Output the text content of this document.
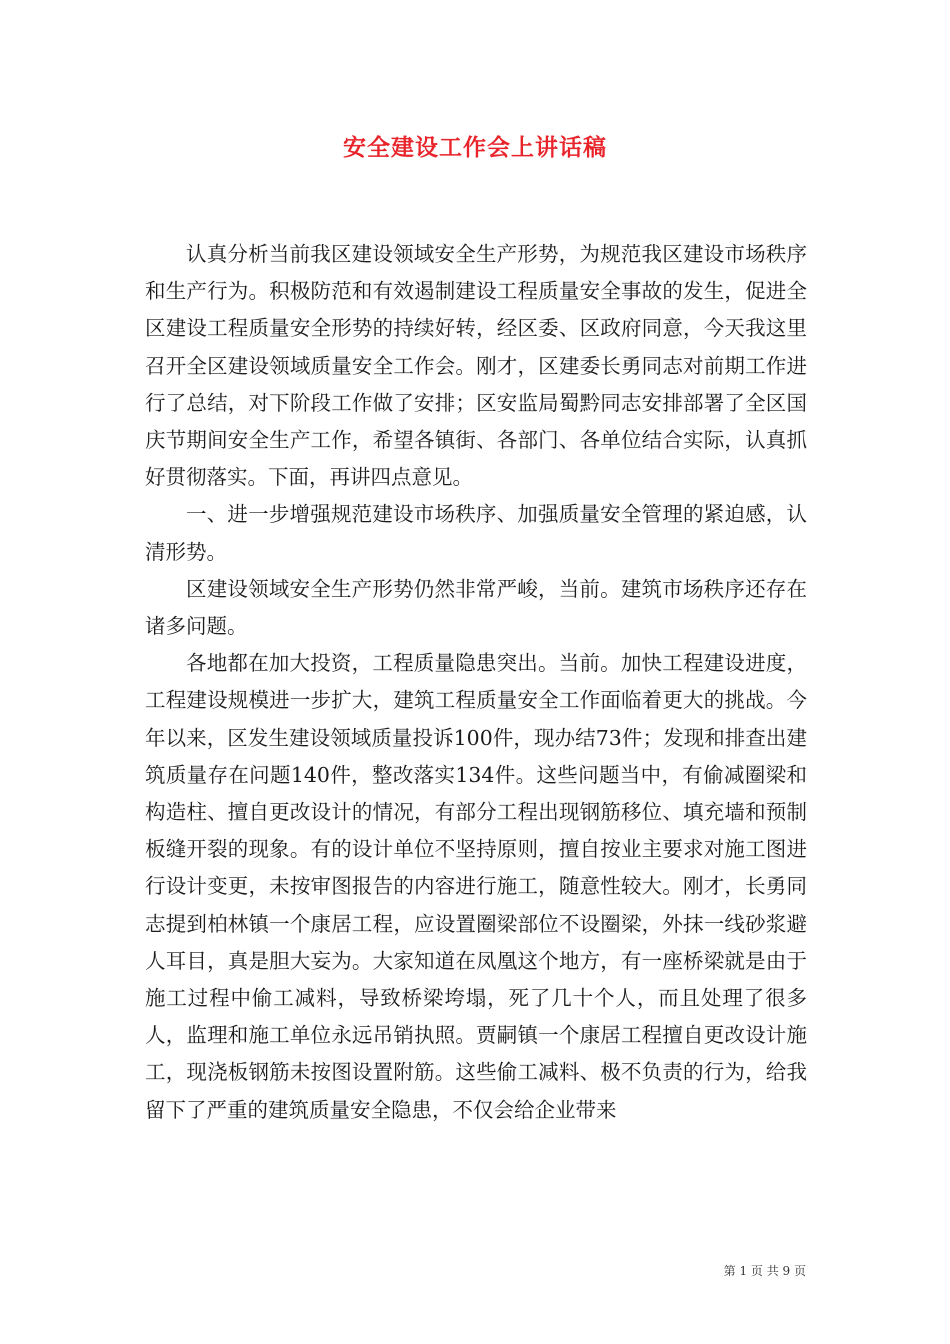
安全建设工作会上讲话稿

认真分析当前我区建设领域安全生产形势，为规范我区建设市场秩序和生产行为。积极防范和有效遏制建设工程质量安全事故的发生，促进全区建设工程质量安全形势的持续好转，经区委、区政府同意，今天我这里召开全区建设领域质量安全工作会。刚才，区建委长勇同志对前期工作进行了总结，对下阶段工作做了安排；区安监局蜀黔同志安排部署了全区国庆节期间安全生产工作，希望各镇街、各部门、各单位结合实际，认真抓好贯彻落实。下面，再讲四点意见。

一、进一步增强规范建设市场秩序、加强质量安全管理的紧迫感，认清形势。

区建设领域安全生产形势仍然非常严峻，当前。建筑市场秩序还存在诸多问题。

各地都在加大投资，工程质量隐患突出。当前。加快工程建设进度，工程建设规模进一步扩大，建筑工程质量安全工作面临着更大的挑战。今年以来，区发生建设领域质量投诉100件，现办结73件；发现和排查出建筑质量存在问题140件，整改落实134件。这些问题当中，有偷减圈梁和构造柱、擅自更改设计的情况，有部分工程出现钢筋移位、填充墙和预制板缝开裂的现象。有的设计单位不坚持原则，擅自按业主要求对施工图进行设计变更，未按审图报告的内容进行施工，随意性较大。刚才，长勇同志提到柏林镇一个康居工程，应设置圈梁部位不设圈梁，外抹一线砂浆避人耳目，真是胆大妄为。大家知道在凤凰这个地方，有一座桥梁就是由于施工过程中偷工减料，导致桥梁垮塌，死了几十个人，而且处理了很多人，监理和施工单位永远吊销执照。贾嗣镇一个康居工程擅自更改设计施工，现浇板钢筋未按图设置附筋。这些偷工减料、极不负责的行为，给我留下了严重的建筑质量安全隐患，不仅会给企业带来

第 1 页 共 9 页
